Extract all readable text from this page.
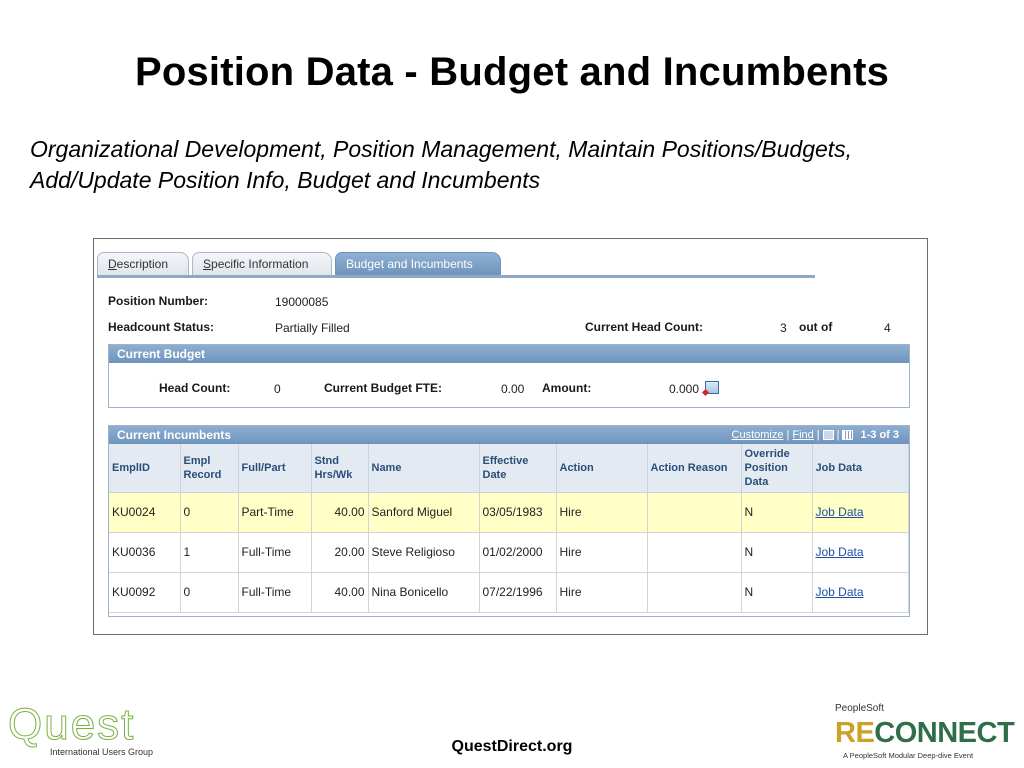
Position Data - Budget and Incumbents
Organizational Development, Position Management, Maintain Positions/Budgets,
Add/Update Position Info, Budget and Incumbents
Description	Specific Information	Budget and Incumbents
Position Number:	19000085
Headcount Status:	Partially Filled	Current Head Count:	3 out of	4
Current Budget
Head Count:	0	Current Budget FTE:	0.00 Amount:	0.000
Current Incumbents	Customize | Find | | 1-3 of 3
EmplID	Empl Record	Full/Part	Stnd Hrs/Wk	Name	Effective Date	Action	Action Reason	Override Position Data	Job Data
KU0024	0	Part-Time	40.00	Sanford Miguel	03/05/1983	Hire		N	Job Data
KU0036	1	Full-Time	20.00	Steve Religioso	01/02/2000	Hire		N	Job Data
KU0092	0	Full-Time	40.00	Nina Bonicello	07/22/1996	Hire		N	Job Data
Quest
International Users Group	QuestDirect.org
PeopleSoft
RECONNECT
A PeopleSoft Modular Deep-dive Event
